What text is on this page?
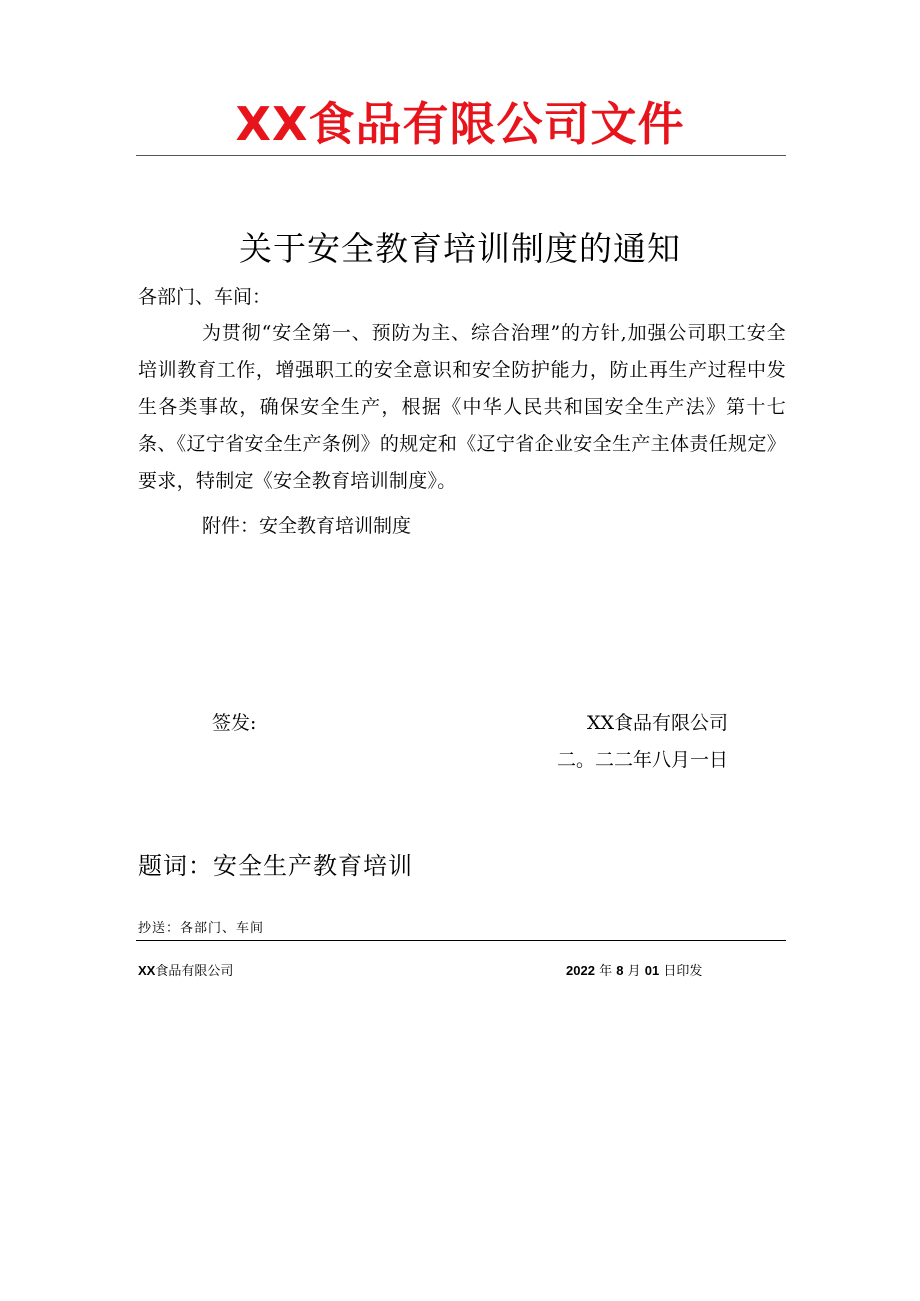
XX食品有限公司文件
关于安全教育培训制度的通知
各部门、车间：
为贯彻“安全第一、预防为主、综合治理”的方针,加强公司职工安全培训教育工作，增强职工的安全意识和安全防护能力，防止再生产过程中发生各类事故，确保安全生产，根据《中华人民共和国安全生产法》第十七条、《辽宁省安全生产条例》的规定和《辽宁省企业安全生产主体责任规定》要求，特制定《安全教育培训制度》。
附件：安全教育培训制度
签发:	XX食品有限公司
二。二二年八月一日
题词：安全生产教育培训
抄送：各部门、车间
XX食品有限公司	2022 年 8 月 01 日印发
